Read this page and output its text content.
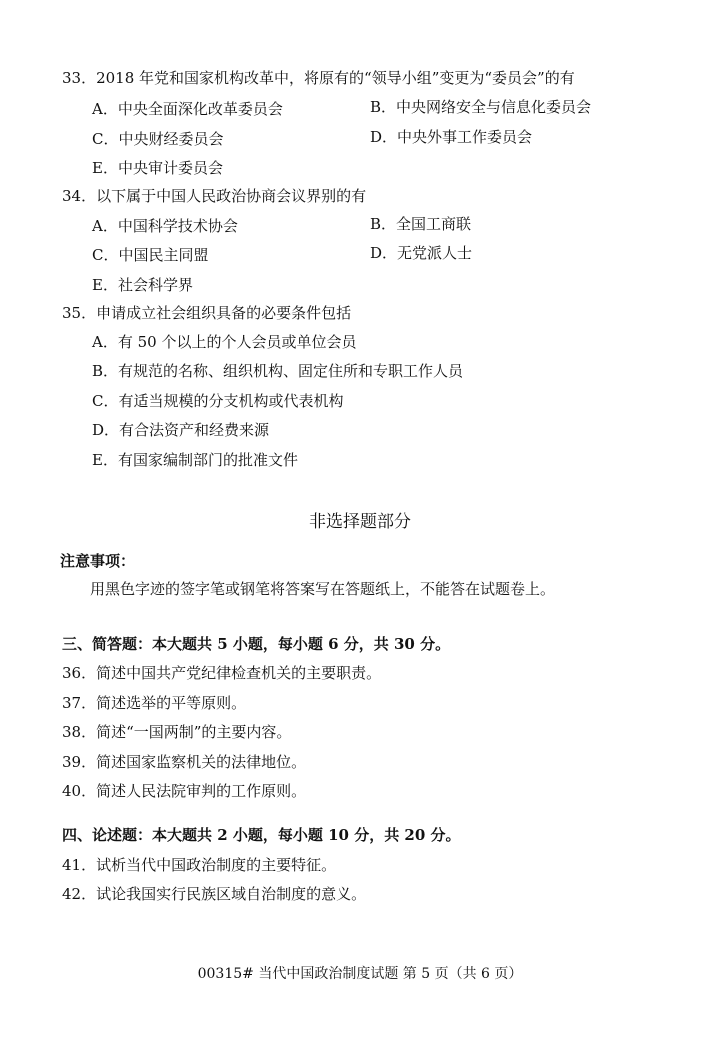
33．2018 年党和国家机构改革中，将原有的“领导小组”变更为“委员会”的有
A．中央全面深化改革委员会	B．中央网络安全与信息化委员会
C．中央财经委员会	D．中央外事工作委员会
E．中央审计委员会
34．以下属于中国人民政治协商会议界别的有
A．中国科学技术协会	B．全国工商联
C．中国民主同盟	D．无党派人士
E．社会科学界
35．申请成立社会组织具备的必要条件包括
A．有 50 个以上的个人会员或单位会员
B．有规范的名称、组织机构、固定住所和专职工作人员
C．有适当规模的分支机构或代表机构
D．有合法资产和经费来源
E．有国家编制部门的批准文件
非选择题部分
注意事项：
用黑色字迹的签字笔或钢笔将答案写在答题纸上，不能答在试题卷上。
三、简答题：本大题共 5 小题，每小题 6 分，共 30 分。
36．简述中国共产党纪律检查机关的主要职责。
37．简述选举的平等原则。
38．简述“一国两制”的主要内容。
39．简述国家监察机关的法律地位。
40．简述人民法院审判的工作原则。
四、论述题：本大题共 2 小题，每小题 10 分，共 20 分。
41．试析当代中国政治制度的主要特征。
42．试论我国实行民族区域自治制度的意义。
00315# 当代中国政治制度试题 第 5 页（共 6 页）
